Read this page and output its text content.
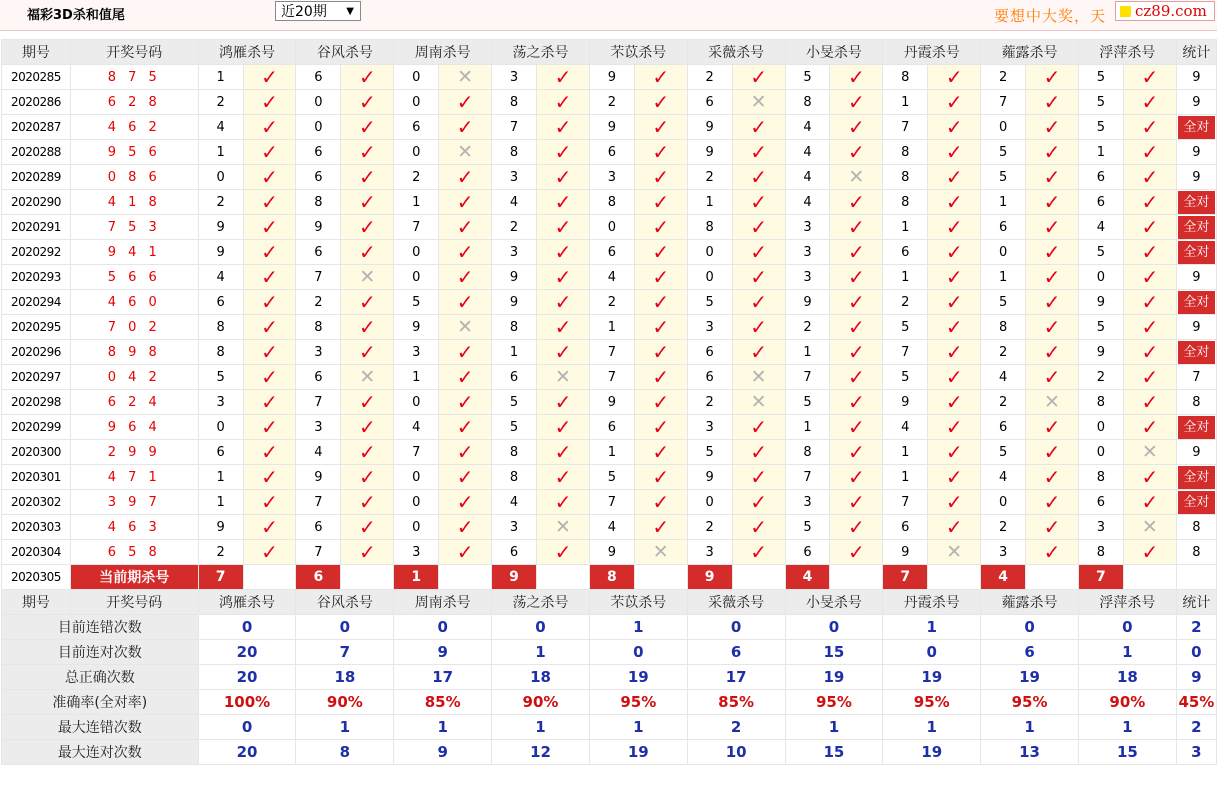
福彩3D杀和值尾	近20期 ▼	要想中大奖，天	cz89.com
期号	开奖号码	鸿雁杀号		谷风杀号		周南杀号		荡之杀号		芣苡杀号		采薇杀号		小旻杀号		丹霞杀号		蕹露杀号		浮萍杀号		统计
2020285	8 7 5	1	✓	6	✓	0	✕	3	✓	9	✓	2	✓	5	✓	8	✓	2	✓	5	✓	9
2020286	6 2 8	2	✓	0	✓	0	✓	8	✓	2	✓	6	✕	8	✓	1	✓	7	✓	5	✓	9
2020287	4 6 2	4	✓	0	✓	6	✓	7	✓	9	✓	9	✓	4	✓	7	✓	0	✓	5	✓	全对

2020288	9 5 6	1	✓	6	✓	0	✕	8	✓	6	✓	9	✓	4	✓	8	✓	5	✓	1	✓	9
2020289	0 8 6	0	✓	6	✓	2	✓	3	✓	3	✓	2	✓	4	✕	8	✓	5	✓	6	✓	9
2020290	4 1 8	2	✓	8	✓	1	✓	4	✓	8	✓	1	✓	4	✓	8	✓	1	✓	6	✓	全对

2020291	7 5 3	9	✓	9	✓	7	✓	2	✓	0	✓	8	✓	3	✓	1	✓	6	✓	4	✓	全对

2020292	9 4 1	9	✓	6	✓	0	✓	3	✓	6	✓	0	✓	3	✓	6	✓	0	✓	5	✓	全对

2020293	5 6 6	4	✓	7	✕	0	✓	9	✓	4	✓	0	✓	3	✓	1	✓	1	✓	0	✓	9
2020294	4 6 0	6	✓	2	✓	5	✓	9	✓	2	✓	5	✓	9	✓	2	✓	5	✓	9	✓	全对

2020295	7 0 2	8	✓	8	✓	9	✕	8	✓	1	✓	3	✓	2	✓	5	✓	8	✓	5	✓	9
2020296	8 9 8	8	✓	3	✓	3	✓	1	✓	7	✓	6	✓	1	✓	7	✓	2	✓	9	✓	全对

2020297	0 4 2	5	✓	6	✕	1	✓	6	✕	7	✓	6	✕	7	✓	5	✓	4	✓	2	✓	7
2020298	6 2 4	3	✓	7	✓	0	✓	5	✓	9	✓	2	✕	5	✓	9	✓	2	✕	8	✓	8
2020299	9 6 4	0	✓	3	✓	4	✓	5	✓	6	✓	3	✓	1	✓	4	✓	6	✓	0	✓	全对

2020300	2 9 9	6	✓	4	✓	7	✓	8	✓	1	✓	5	✓	8	✓	1	✓	5	✓	0	✕	9
2020301	4 7 1	1	✓	9	✓	0	✓	8	✓	5	✓	9	✓	7	✓	1	✓	4	✓	8	✓	全对

2020302	3 9 7	1	✓	7	✓	0	✓	4	✓	7	✓	0	✓	3	✓	7	✓	0	✓	6	✓	全对

2020303	4 6 3	9	✓	6	✓	0	✓	3	✕	4	✓	2	✓	5	✓	6	✓	2	✓	3	✕	8
2020304	6 5 8	2	✓	7	✓	3	✓	6	✓	9	✕	3	✓	6	✓	9	✕	3	✓	8	✓	8
2020305	当前期杀号	7		6		1		9		8		9		4		7		4		7		
期号	开奖号码	鸿雁杀号		谷风杀号		周南杀号		荡之杀号		芣苡杀号		采薇杀号		小旻杀号		丹霞杀号		蕹露杀号		浮萍杀号		统计
目前连错次数		0		0		0		0		1		0		0		1		0		0		2
目前连对次数		20		7		9		1		0		6		15		0		6		1		0
总正确次数		20		18		17		18		19		17		19		19		19		18		9
准确率(全对率)		100%		90%		85%		90%		95%		85%		95%		95%		95%		90%		45%
最大连错次数		0		1		1		1		1		2		1		1		1		1		2
最大连对次数		20		8		9		12		19		10		15		19		13		15		3
